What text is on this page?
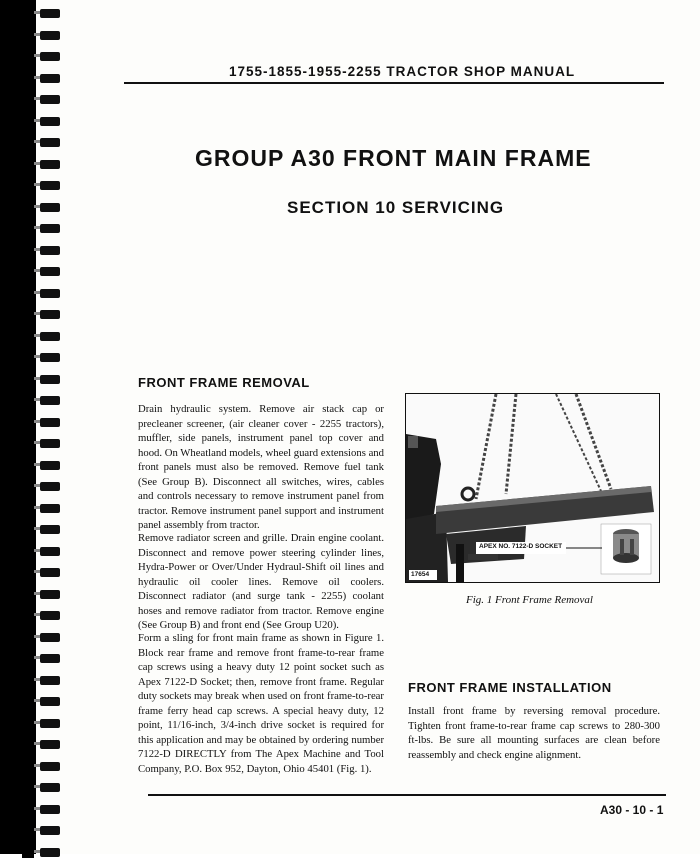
1755-1855-1955-2255 TRACTOR SHOP MANUAL
GROUP A30 FRONT MAIN FRAME
SECTION 10 SERVICING
FRONT FRAME REMOVAL
Drain hydraulic system. Remove air stack cap or precleaner screener, (air cleaner cover - 2255 tractors), muffler, side panels, instrument panel top cover and hood. On Wheatland models, wheel guard extensions and front panels must also be removed. Remove fuel tank (See Group B). Disconnect all switches, wires, cables and controls necessary to remove instrument panel from tractor. Remove instrument panel support and instrument panel assembly from tractor.
Remove radiator screen and grille. Drain engine coolant. Disconnect and remove power steering cylinder lines, Hydra-Power or Over/Under Hydraul-Shift oil lines and hydraulic oil cooler lines. Remove oil coolers. Disconnect radiator (and surge tank - 2255) coolant hoses and remove radiator from tractor. Remove engine (See Group B) and front end (See Group U20).
Form a sling for front main frame as shown in Figure 1. Block rear frame and remove front frame-to-rear frame cap screws using a heavy duty 12 point socket such as Apex 7122-D Socket; then, remove front frame. Regular duty sockets may break when used on front frame-to-rear frame ferry head cap screws. A special heavy duty, 12 point, 11/16-inch, 3/4-inch drive socket is required for this application and may be obtained by ordering number 7122-D DIRECTLY from The Apex Machine and Tool Company, P.O. Box 952, Dayton, Ohio 45401 (Fig. 1).
APEX NO. 7122-D SOCKET
17654
Fig. 1 Front Frame Removal
FRONT FRAME INSTALLATION
Install front frame by reversing removal procedure. Tighten front frame-to-rear frame cap screws to 280-300 ft-lbs. Be sure all mounting surfaces are clean before reassembly and check engine alignment.
A30 - 10 - 1
